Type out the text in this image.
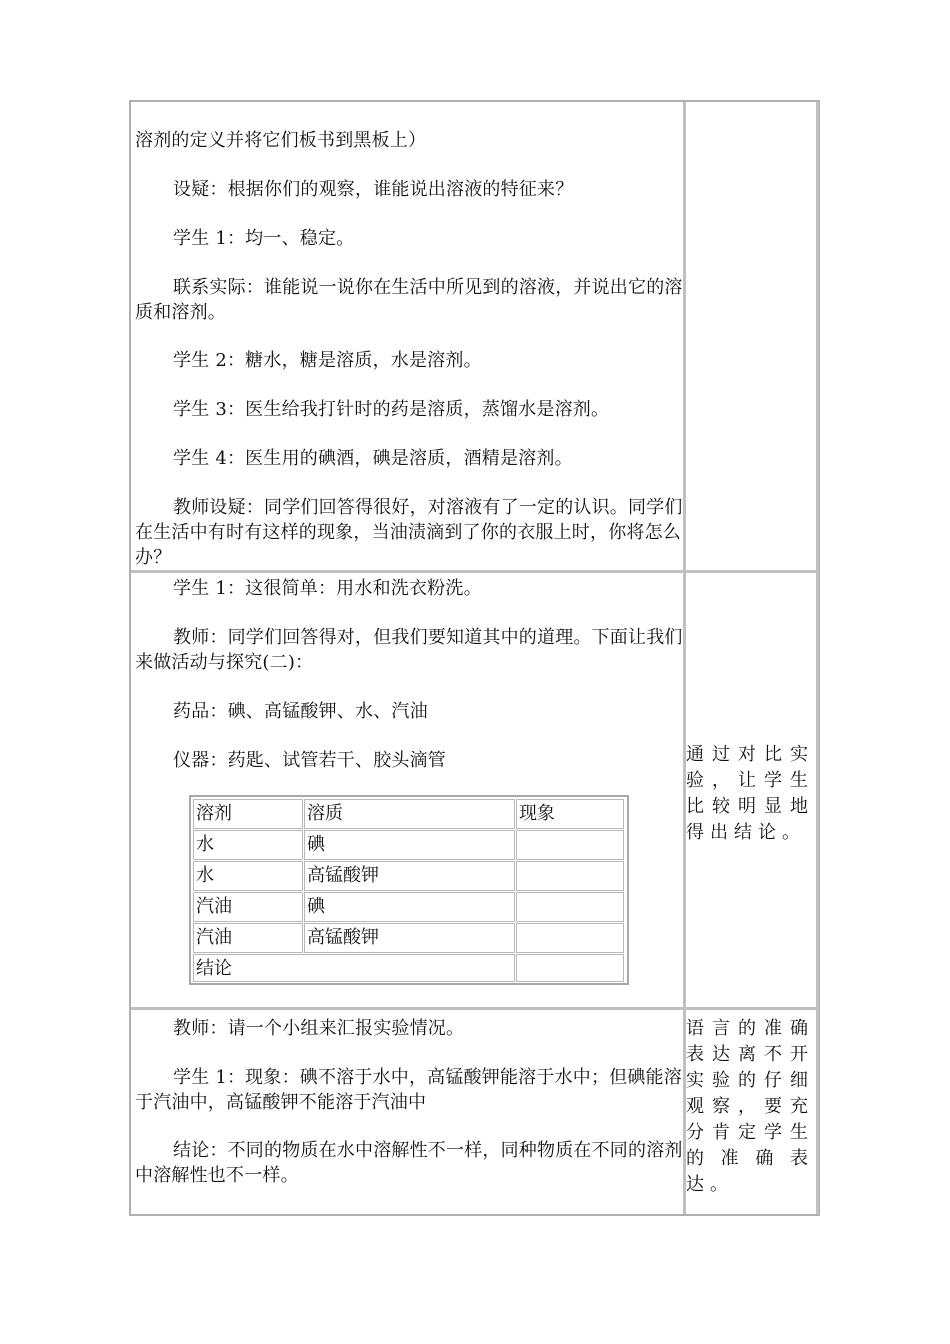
溶剂的定义并将它们板书到黑板上）

设疑：根据你们的观察，谁能说出溶液的特征来？

学生 1：均一、稳定。

联系实际：谁能说一说你在生活中所见到的溶液，并说出它的溶质和溶剂。

学生 2：糖水，糖是溶质，水是溶剂。

学生 3：医生给我打针时的药是溶质，蒸馏水是溶剂。

学生 4：医生用的碘酒，碘是溶质，酒精是溶剂。

教师设疑：同学们回答得很好，对溶液有了一定的认识。同学们在生活中有时有这样的现象，当油渍滴到了你的衣服上时，你将怎么办？

学生 1：这很简单：用水和洗衣粉洗。

教师：同学们回答得对，但我们要知道其中的道理。下面让我们来做活动与探究(二)：

药品：碘、高锰酸钾、水、汽油

仪器：药匙、试管若干、胶头滴管	通过对比实验，让学生比较明显地得出结论。

溶剂	溶质	现象
水	碘
水	高锰酸钾
汽油	碘
汽油	高锰酸钾
结论

教师：请一个小组来汇报实验情况。

学生 1：现象：碘不溶于水中，高锰酸钾能溶于水中；但碘能溶于汽油中，高锰酸钾不能溶于汽油中

结论：不同的物质在水中溶解性不一样，同种物质在不同的溶剂中溶解性也不一样。

语言的准确表达离不开实验的仔细观察，要充分肯定学生的准确表达。
